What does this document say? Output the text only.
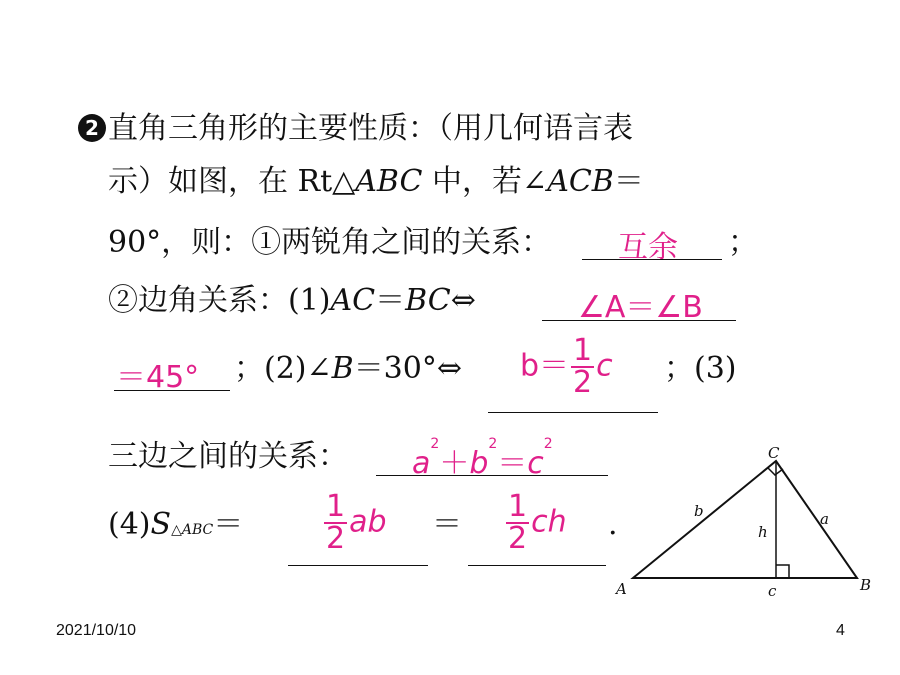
2 直角三角形的主要性质：（用几何语言表
示）如图，在 Rt△ABC 中，若∠ACB＝
90°，则：①两锐角之间的关系： 互余 ；
②边角关系：(1)AC＝BC⇔	∠A＝∠B
＝45° ；(2)∠B＝30°⇔ $b= \frac{1}{2}$ c ；(3)
三边之间的关系： $a^2+b^2=c^2$
(4)S△ABC＝	$\frac{1}{2}$ ab ＝ $\frac{1}{2}$ ch .
C
A	B
b	a
h
c
2021/10/10	4
